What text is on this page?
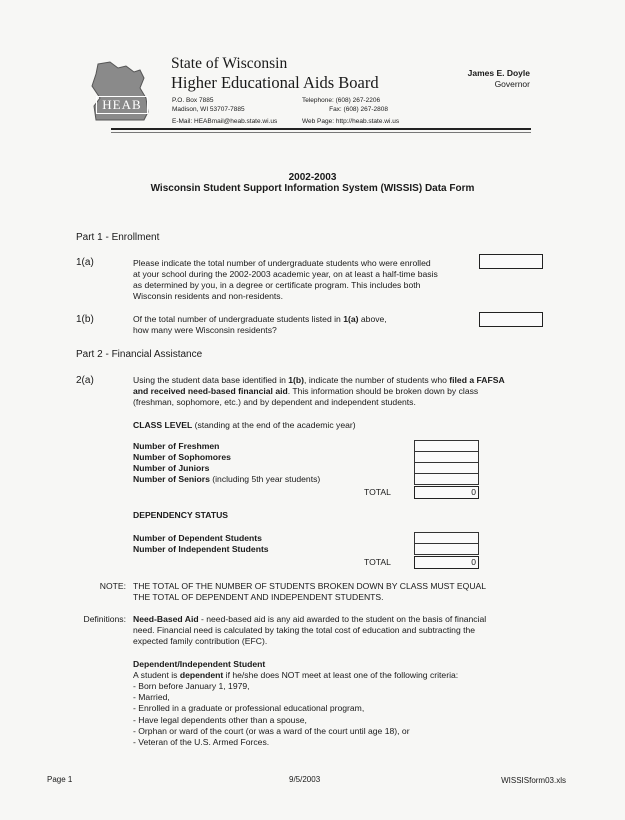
HEAB
State of Wisconsin
Higher Educational Aids Board
P.O. Box 7885
Madison, WI 53707-7885
E-Mail: HEABmail@heab.state.wi.us
Telephone: (608) 267-2206
Fax: (608) 267-2808
Web Page: http://heab.state.wi.us
James E. Doyle
Governor
2002-2003
Wisconsin Student Support Information System (WISSIS) Data Form
Part 1 - Enrollment
1(a)	Please indicate the total number of undergraduate students who were enrolled
at your school during the 2002-2003 academic year, on at least a half-time basis
as determined by you, in a degree or certificate program. This includes both
Wisconsin residents and non-residents.
1(b)	Of the total number of undergraduate students listed in 1(a) above,
how many were Wisconsin residents?
Part 2 - Financial Assistance
2(a)	Using the student data base identified in 1(b), indicate the number of students who filed a FAFSA
and received need-based financial aid. This information should be broken down by class
(freshman, sophomore, etc.) and by dependent and independent students.
CLASS LEVEL (standing at the end of the academic year)
Number of Freshmen
Number of Sophomores
Number of Juniors
Number of Seniors (including 5th year students)
TOTAL	0
DEPENDENCY STATUS
Number of Dependent Students
Number of Independent Students
TOTAL	0
NOTE: THE TOTAL OF THE NUMBER OF STUDENTS BROKEN DOWN BY CLASS MUST EQUAL
THE TOTAL OF DEPENDENT AND INDEPENDENT STUDENTS.
Definitions: Need-Based Aid - need-based aid is any aid awarded to the student on the basis of financial
need. Financial need is calculated by taking the total cost of education and subtracting the
expected family contribution (EFC).
Dependent/Independent Student
A student is dependent if he/she does NOT meet at least one of the following criteria:
- Born before January 1, 1979,
- Married,
- Enrolled in a graduate or professional educational program,
- Have legal dependents other than a spouse,
- Orphan or ward of the court (or was a ward of the court until age 18), or
- Veteran of the U.S. Armed Forces.
Page 1	9/5/2003	WISSISform03.xls
